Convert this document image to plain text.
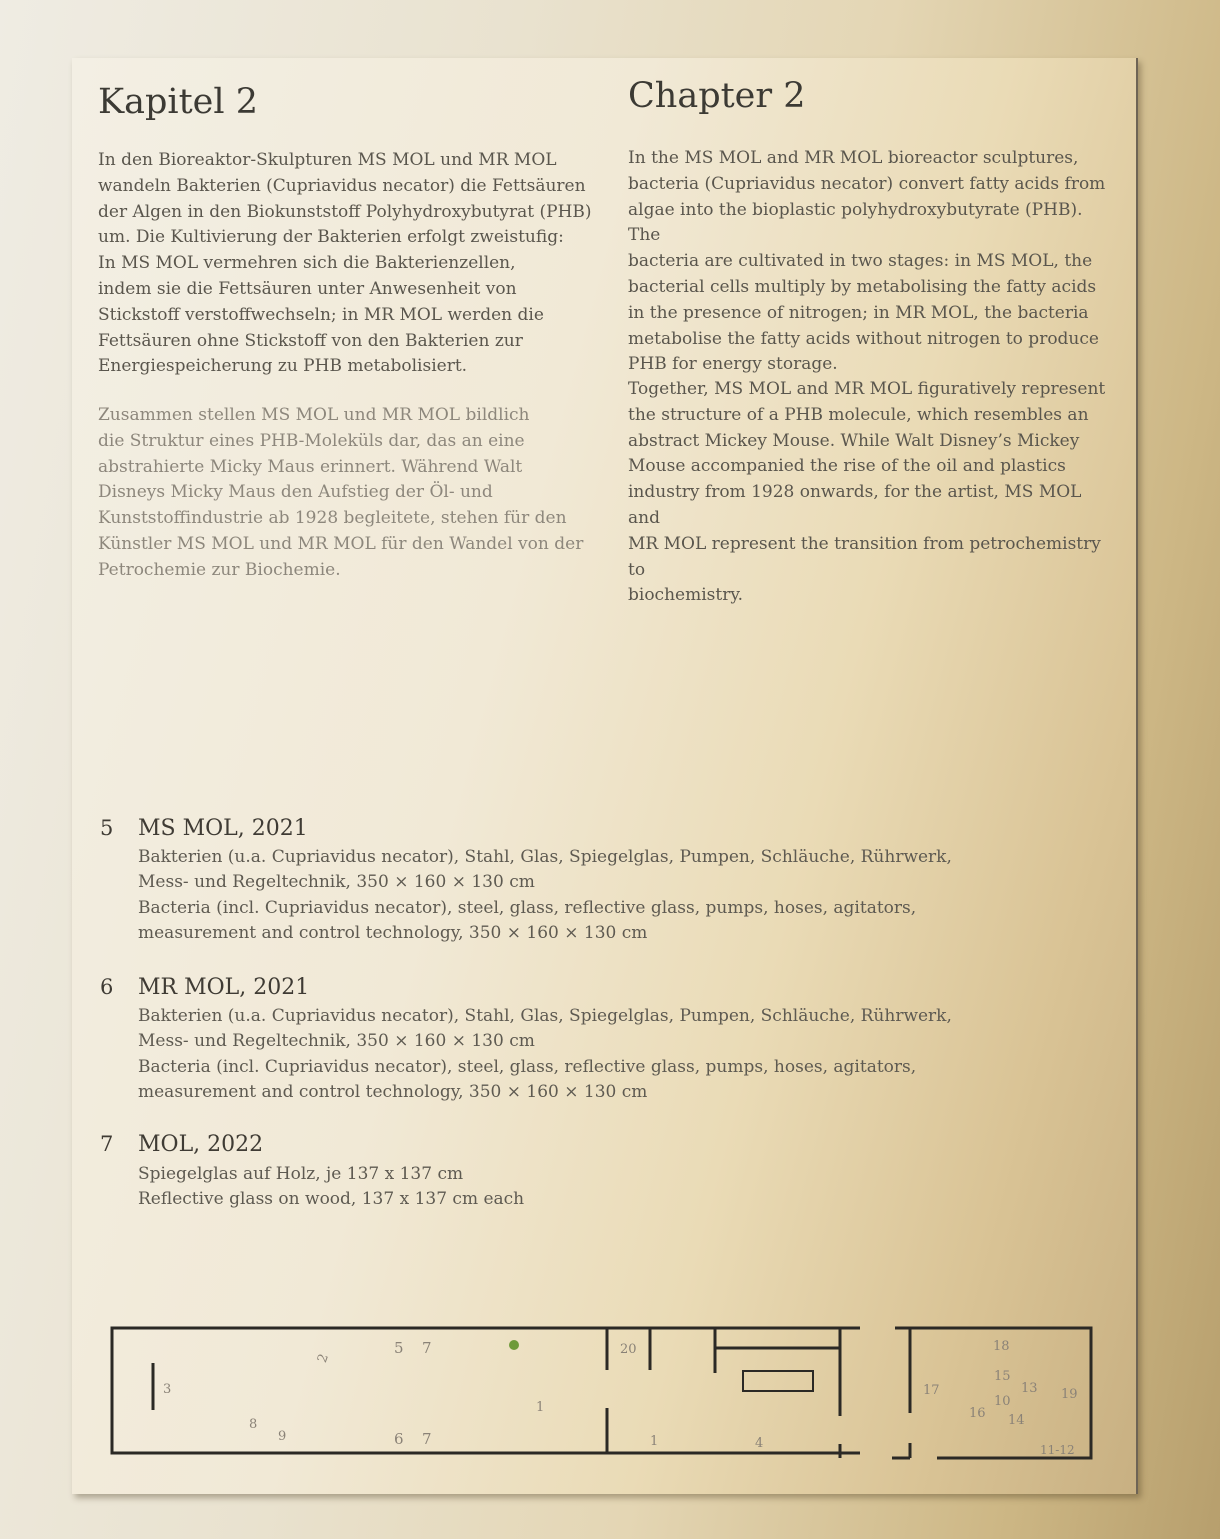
Kapitel 2	Chapter 2
In den Bioreaktor-Skulpturen MS MOL und MR MOL
wandeln Bakterien (Cupriavidus necator) die Fettsäuren
der Algen in den Biokunststoff Polyhydroxybutyrat (PHB)
um. Die Kultivierung der Bakterien erfolgt zweistufig:
In MS MOL vermehren sich die Bakterienzellen,
indem sie die Fettsäuren unter Anwesenheit von
Stickstoff verstoffwechseln; in MR MOL werden die
Fettsäuren ohne Stickstoff von den Bakterien zur
Energiespeicherung zu PHB metabolisiert.
Zusammen stellen MS MOL und MR MOL bildlich
die Struktur eines PHB-Moleküls dar, das an eine
abstrahierte Micky Maus erinnert. Während Walt
Disneys Micky Maus den Aufstieg der Öl- und
Kunststoffindustrie ab 1928 begleitete, stehen für den
Künstler MS MOL und MR MOL für den Wandel von der
Petrochemie zur Biochemie.
In the MS MOL and MR MOL bioreactor sculptures,
bacteria (Cupriavidus necator) convert fatty acids from
algae into the bioplastic polyhydroxybutyrate (PHB). The
bacteria are cultivated in two stages: in MS MOL, the
bacterial cells multiply by metabolising the fatty acids
in the presence of nitrogen; in MR MOL, the bacteria
metabolise the fatty acids without nitrogen to produce
PHB for energy storage.
Together, MS MOL and MR MOL figuratively represent
the structure of a PHB molecule, which resembles an
abstract Mickey Mouse. While Walt Disney’s Mickey
Mouse accompanied the rise of the oil and plastics
industry from 1928 onwards, for the artist, MS MOL and
MR MOL represent the transition from petrochemistry to
biochemistry.
5 MS MOL, 2021
Bakterien (u.a. Cupriavidus necator), Stahl, Glas, Spiegelglas, Pumpen, Schläuche, Rührwerk,
Mess- und Regeltechnik, 350 × 160 × 130 cm
Bacteria (incl. Cupriavidus necator), steel, glass, reflective glass, pumps, hoses, agitators,
measurement and control technology, 350 × 160 × 130 cm
6 MR MOL, 2021
Bakterien (u.a. Cupriavidus necator), Stahl, Glas, Spiegelglas, Pumpen, Schläuche, Rührwerk,
Mess- und Regeltechnik, 350 × 160 × 130 cm
Bacteria (incl. Cupriavidus necator), steel, glass, reflective glass, pumps, hoses, agitators,
measurement and control technology, 350 × 160 × 130 cm
7 MOL, 2022
Spiegelglas auf Holz, je 137 x 137 cm
Reflective glass on wood, 137 x 137 cm each
2
3
5 7
8
9	6 7
1
20
1	4
17
18
15
13 19
10
16 14
11-12
